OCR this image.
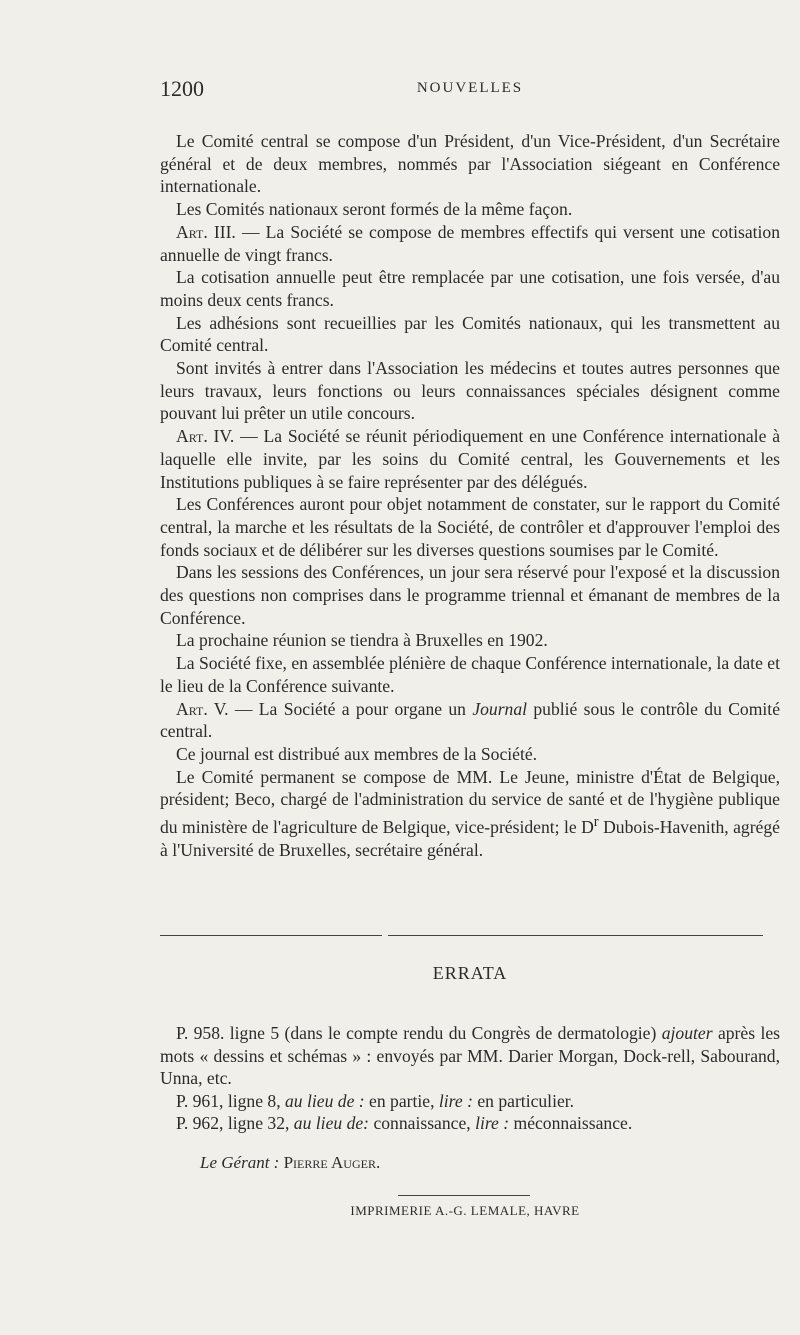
1200	NOUVELLES

Le Comité central se compose d'un Président, d'un Vice-Président, d'un Secrétaire général et de deux membres, nommés par l'Association siégeant en Conférence internationale.

Les Comités nationaux seront formés de la même façon.

Art. III. — La Société se compose de membres effectifs qui versent une cotisation annuelle de vingt francs.

La cotisation annuelle peut être remplacée par une cotisation, une fois versée, d'au moins deux cents francs.

Les adhésions sont recueillies par les Comités nationaux, qui les transmettent au Comité central.

Sont invités à entrer dans l'Association les médecins et toutes autres personnes que leurs travaux, leurs fonctions ou leurs connaissances spéciales désignent comme pouvant lui prêter un utile concours.

Art. IV. — La Société se réunit périodiquement en une Conférence internationale à laquelle elle invite, par les soins du Comité central, les Gouvernements et les Institutions publiques à se faire représenter par des délégués.

Les Conférences auront pour objet notamment de constater, sur le rapport du Comité central, la marche et les résultats de la Société, de contrôler et d'approuver l'emploi des fonds sociaux et de délibérer sur les diverses questions soumises par le Comité.

Dans les sessions des Conférences, un jour sera réservé pour l'exposé et la discussion des questions non comprises dans le programme triennal et émanant de membres de la Conférence.

La prochaine réunion se tiendra à Bruxelles en 1902.

La Société fixe, en assemblée plénière de chaque Conférence internationale, la date et le lieu de la Conférence suivante.

Art. V. — La Société a pour organe un Journal publié sous le contrôle du Comité central.

Ce journal est distribué aux membres de la Société.

Le Comité permanent se compose de MM. Le Jeune, ministre d'État de Belgique, président; Beco, chargé de l'administration du service de santé et de l'hygiène publique du ministère de l'agriculture de Belgique, vice-président; le $D^r$ Dubois-Havenith, agrégé à l'Université de Bruxelles, secrétaire général.

ERRATA

P. 958. ligne 5 (dans le compte rendu du Congrès de dermatologie) ajouter après les mots « dessins et schémas » : envoyés par MM. Darier Morgan, Dock-rell, Sabourand, Unna, etc.

P. 961, ligne 8, au lieu de : en partie, lire : en particulier.

P. 962, ligne 32, au lieu de: connaissance, lire : méconnaissance.

Le Gérant : Pierre Auger.
IMPRIMERIE A.-G. LEMALE, HAVRE
